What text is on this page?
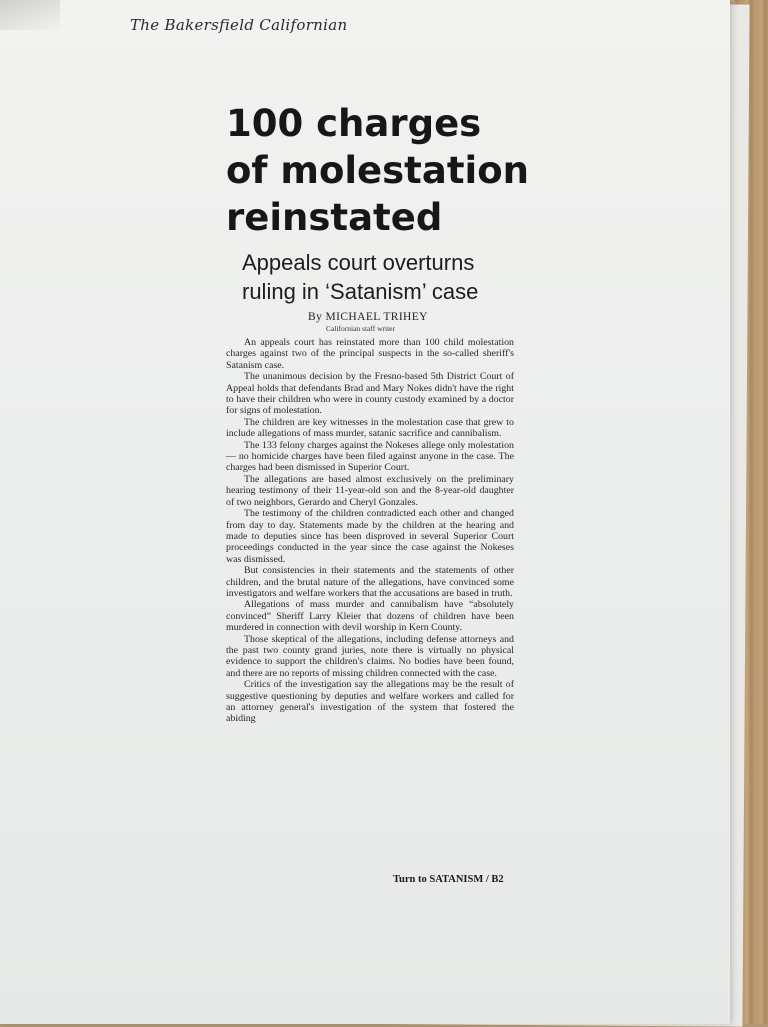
The Bakersfield Californian
100 charges
of molestation
reinstated
Appeals court overturns
ruling in ‘Satanism’ case
By MICHAEL TRIHEY
Californian staff writer

An appeals court has reinstated more than 100 child molestation charges against two of the principal suspects in the so-called sheriff's Satanism case.

The unanimous decision by the Fresno-based 5th District Court of Appeal holds that defendants Brad and Mary Nokes didn't have the right to have their children who were in county custody examined by a doctor for signs of molestation.

The children are key witnesses in the molestation case that grew to include allegations of mass murder, satanic sacrifice and cannibalism.

The 133 felony charges against the Nokeses allege only molestation — no homicide charges have been filed against anyone in the case. The charges had been dismissed in Superior Court.

The allegations are based almost exclusively on the preliminary hearing testimony of their 11-year-old son and the 8-year-old daughter of two neighbors, Gerardo and Cheryl Gonzales.

The testimony of the children contradicted each other and changed from day to day. Statements made by the children at the hearing and made to deputies since has been disproved in several Superior Court proceedings conducted in the year since the case against the Nokeses was dismissed.

But consistencies in their statements and the statements of other children, and the brutal nature of the allegations, have convinced some investigators and welfare workers that the accusations are based in truth.

Allegations of mass murder and cannibalism have “absolutely convinced” Sheriff Larry Kleier that dozens of children have been murdered in connection with devil worship in Kern County.

Those skeptical of the allegations, including defense attorneys and the past two county grand juries, note there is virtually no physical evidence to support the children's claims. No bodies have been found, and there are no reports of missing children connected with the case.

Critics of the investigation say the allegations may be the result of suggestive questioning by deputies and welfare workers and called for an attorney general's investigation of the system that fostered the abiding

Turn to SATANISM / B2
